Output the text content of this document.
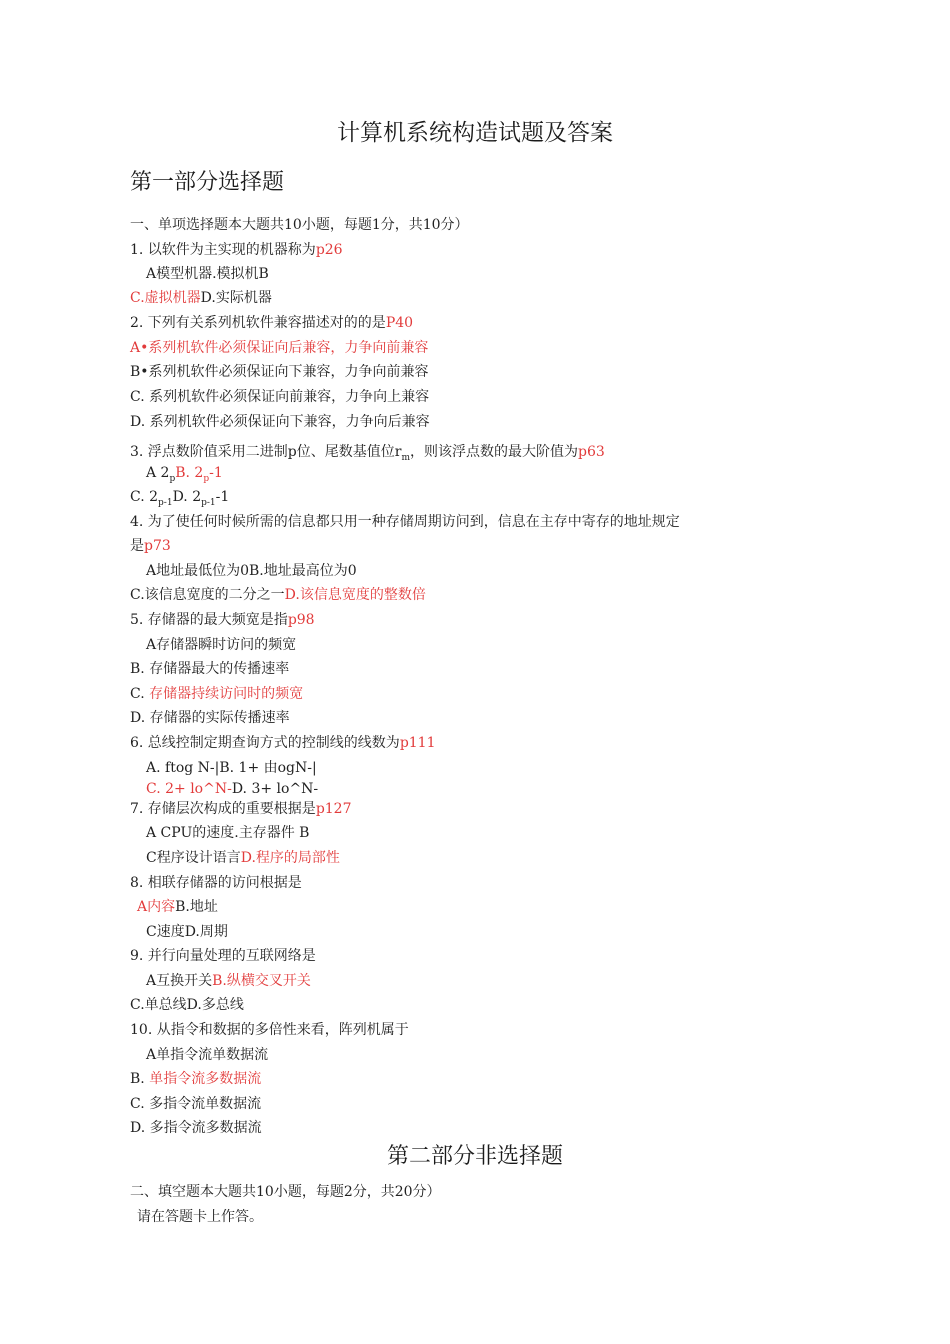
计算机系统构造试题及答案
第一部分选择题
一、单项选择题本大题共10小题，每题1分，共10分）
1. 以软件为主实现的机器称为p26
A模型机器.模拟机B
C.虚拟机器D.实际机器
2. 下列有关系列机软件兼容描述对的的是P40
A•系列机软件必须保证向后兼容，力争向前兼容
B•系列机软件必须保证向下兼容，力争向前兼容
C. 系列机软件必须保证向前兼容，力争向上兼容
D. 系列机软件必须保证向下兼容，力争向后兼容
3. 浮点数阶值采用二进制p位、尾数基值位$r_m$，则该浮点数的最大阶值为p63
A $2_pB$. $2_p-1$
C. $2_{p-1}D$. $2_{p-1}-1$
4. 为了使任何时候所需的信息都只用一种存储周期访问到，信息在主存中寄存的地址规定
是p73
A地址最低位为0B.地址最高位为0
C.该信息宽度的二分之一D.该信息宽度的整数倍
5. 存储器的最大频宽是指p98
A存储器瞬时访问的频宽
B. 存储器最大的传播速率
C. 存储器持续访问时的频宽
D. 存储器的实际传播速率
6. 总线控制定期查询方式的控制线的线数为p111
A. ftog N-|B. 1+ 由ogN-|
C. 2+ lo^N-D. 3+ lo^N-
7. 存储层次构成的重要根据是p127
A CPU的速度.主存器件 B
C程序设计语言D.程序的局部性
8. 相联存储器的访问根据是
A内容B.地址
C速度D.周期
9. 并行向量处理的互联网络是
A互换开关B.纵横交叉开关
C.单总线D.多总线
10. 从指令和数据的多倍性来看，阵列机属于
A单指令流单数据流
B. 单指令流多数据流
C. 多指令流单数据流
D. 多指令流多数据流
第二部分非选择题
二、填空题本大题共10小题，每题2分，共20分）
请在答题卡上作答。
